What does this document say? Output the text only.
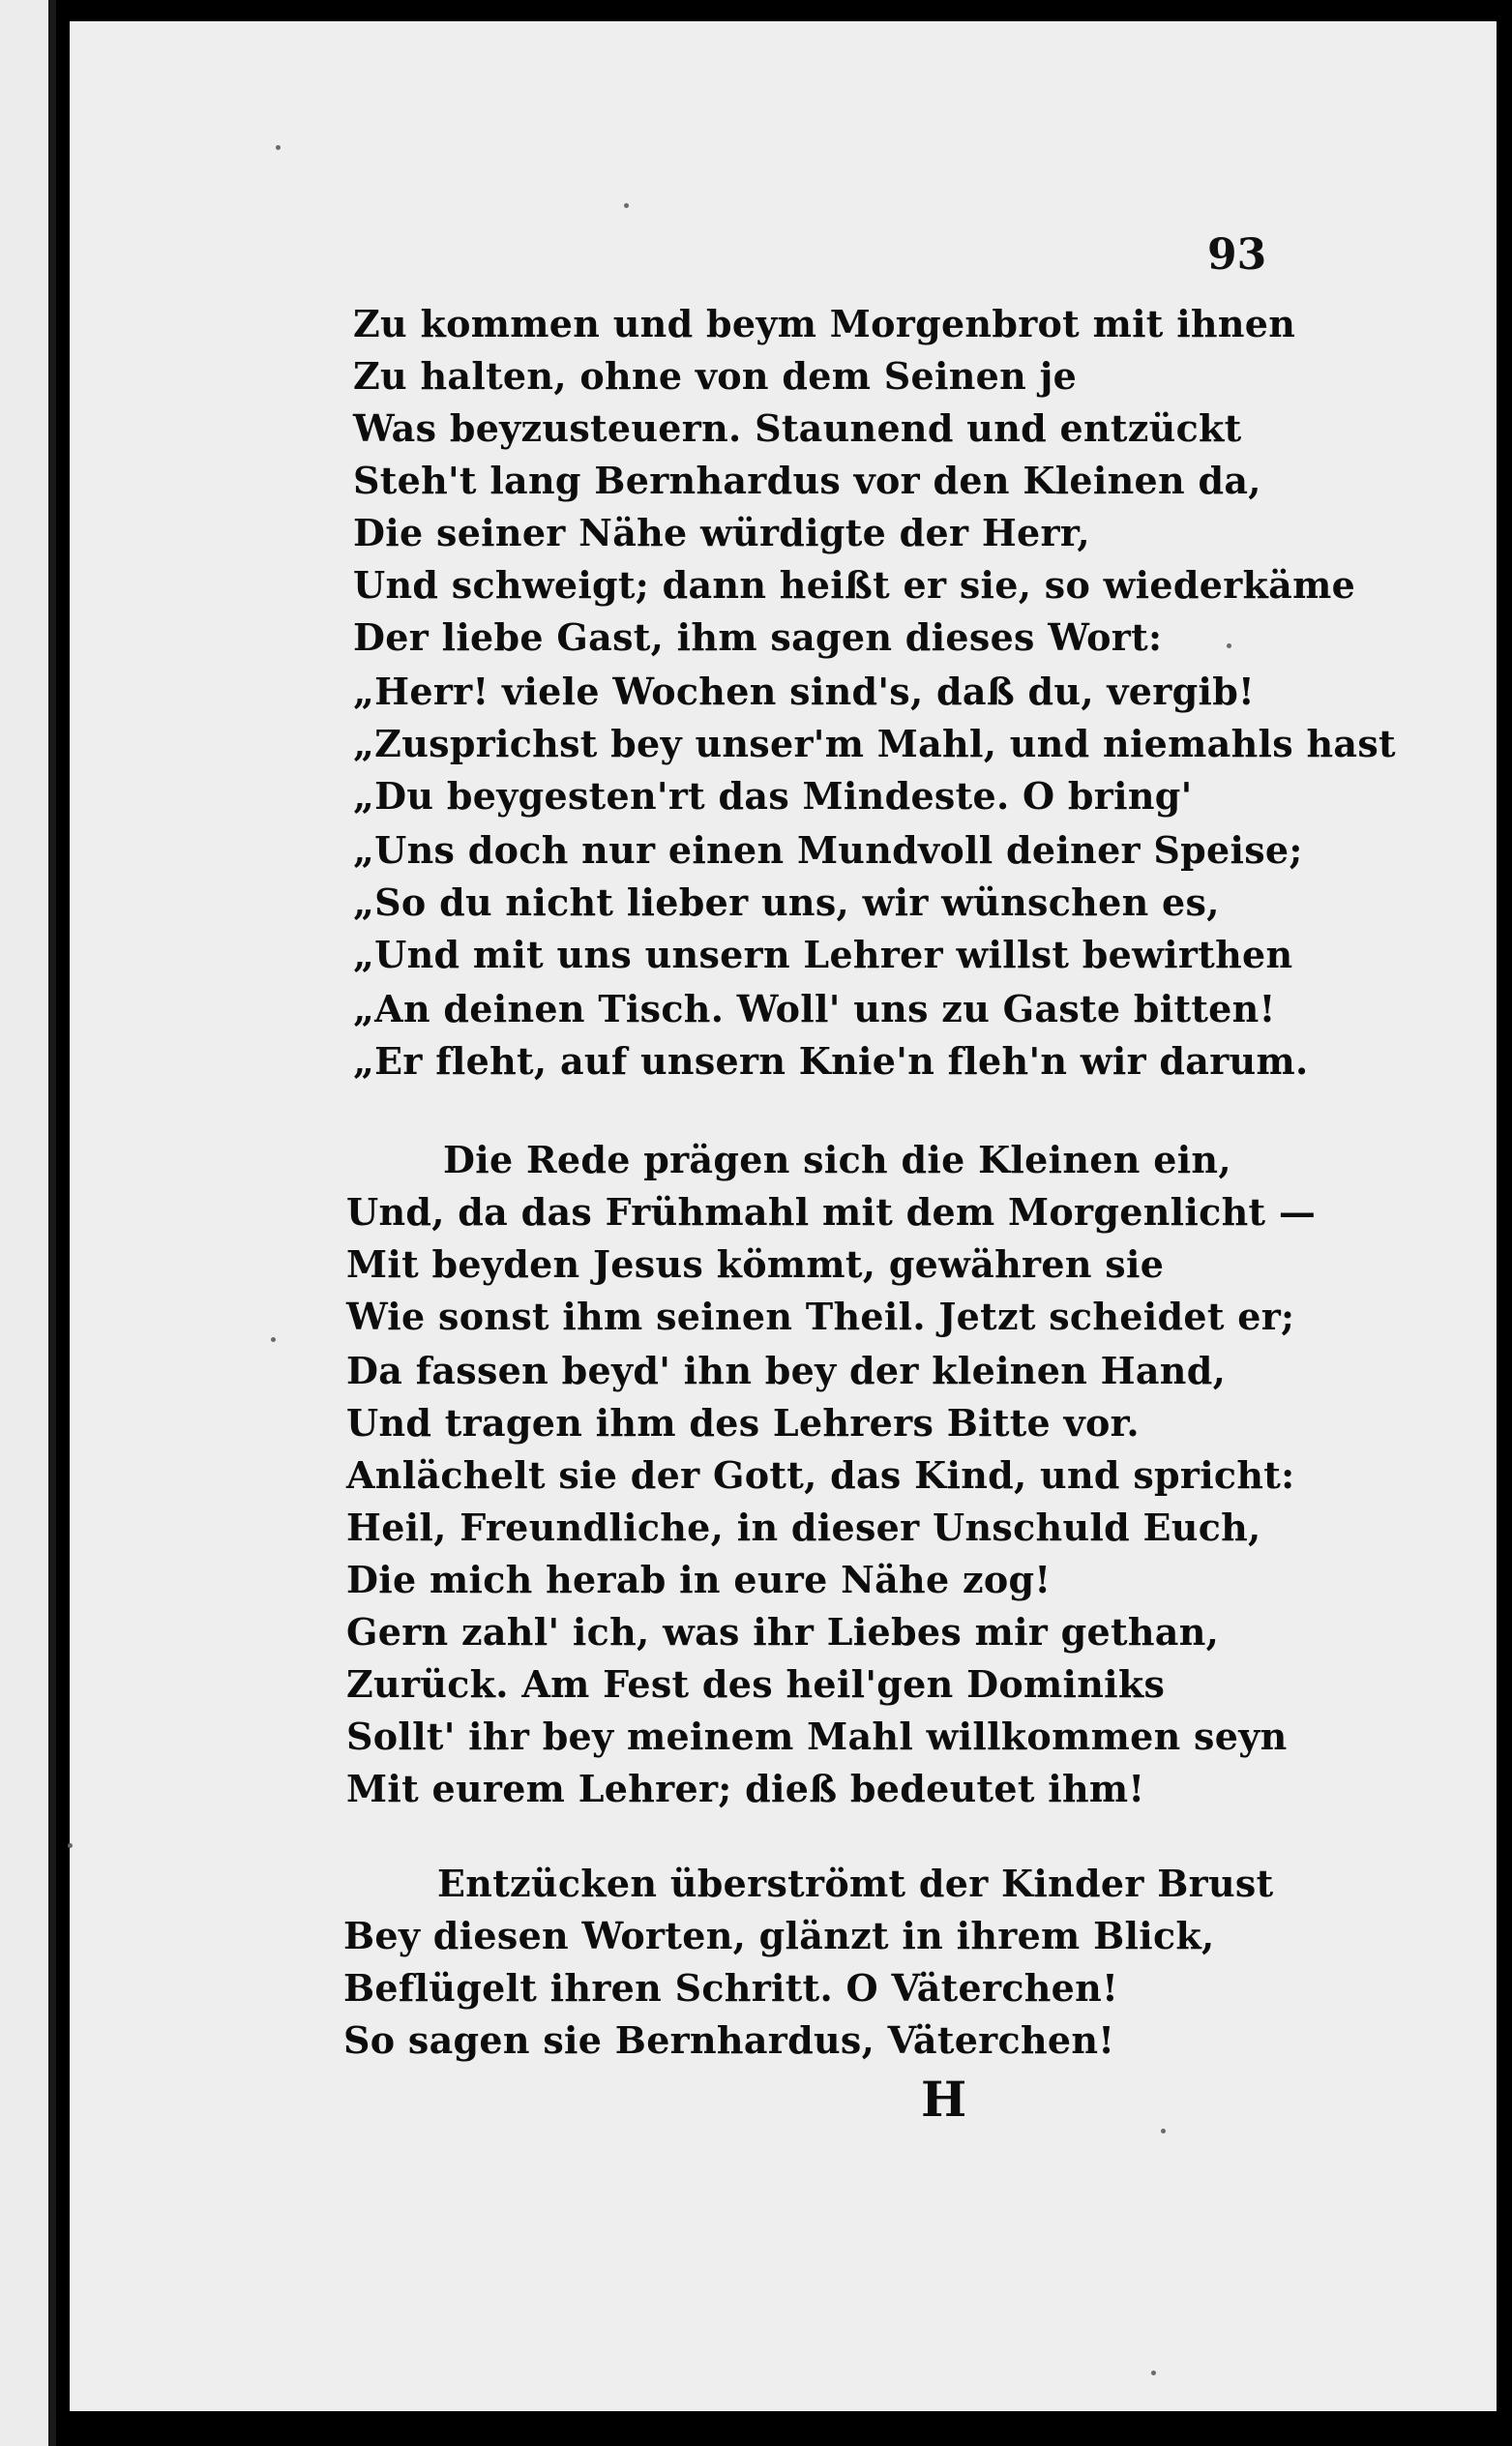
93
Zu kommen und beym Morgenbrot mit ihnen
Zu halten, ohne von dem Seinen je
Was beyzusteuern. Staunend und entzückt
Steh't lang Bernhardus vor den Kleinen da,
Die seiner Nähe würdigte der Herr,
Und schweigt; dann heißt er sie, so wiederkäme
Der liebe Gast, ihm sagen dieses Wort:
„Herr! viele Wochen sind's, daß du, vergib!
„Zusprichst bey unser'm Mahl, und niemahls hast
„Du beygesten'rt das Mindeste. O bring'
„Uns doch nur einen Mundvoll deiner Speise;
„So du nicht lieber uns, wir wünschen es,
„Und mit uns unsern Lehrer willst bewirthen
„An deinen Tisch. Woll' uns zu Gaste bitten!
„Er fleht, auf unsern Knie'n fleh'n wir darum.
Die Rede prägen sich die Kleinen ein,
Und, da das Frühmahl mit dem Morgenlicht —
Mit beyden Jesus kömmt, gewähren sie
Wie sonst ihm seinen Theil. Jetzt scheidet er;
Da fassen beyd' ihn bey der kleinen Hand,
Und tragen ihm des Lehrers Bitte vor.
Anlächelt sie der Gott, das Kind, und spricht:
Heil, Freundliche, in dieser Unschuld Euch,
Die mich herab in eure Nähe zog!
Gern zahl' ich, was ihr Liebes mir gethan,
Zurück. Am Fest des heil'gen Dominiks
Sollt' ihr bey meinem Mahl willkommen seyn
Mit eurem Lehrer; dieß bedeutet ihm!
Entzücken überströmt der Kinder Brust
Bey diesen Worten, glänzt in ihrem Blick,
Beflügelt ihren Schritt. O Väterchen!
So sagen sie Bernhardus, Väterchen!
H
